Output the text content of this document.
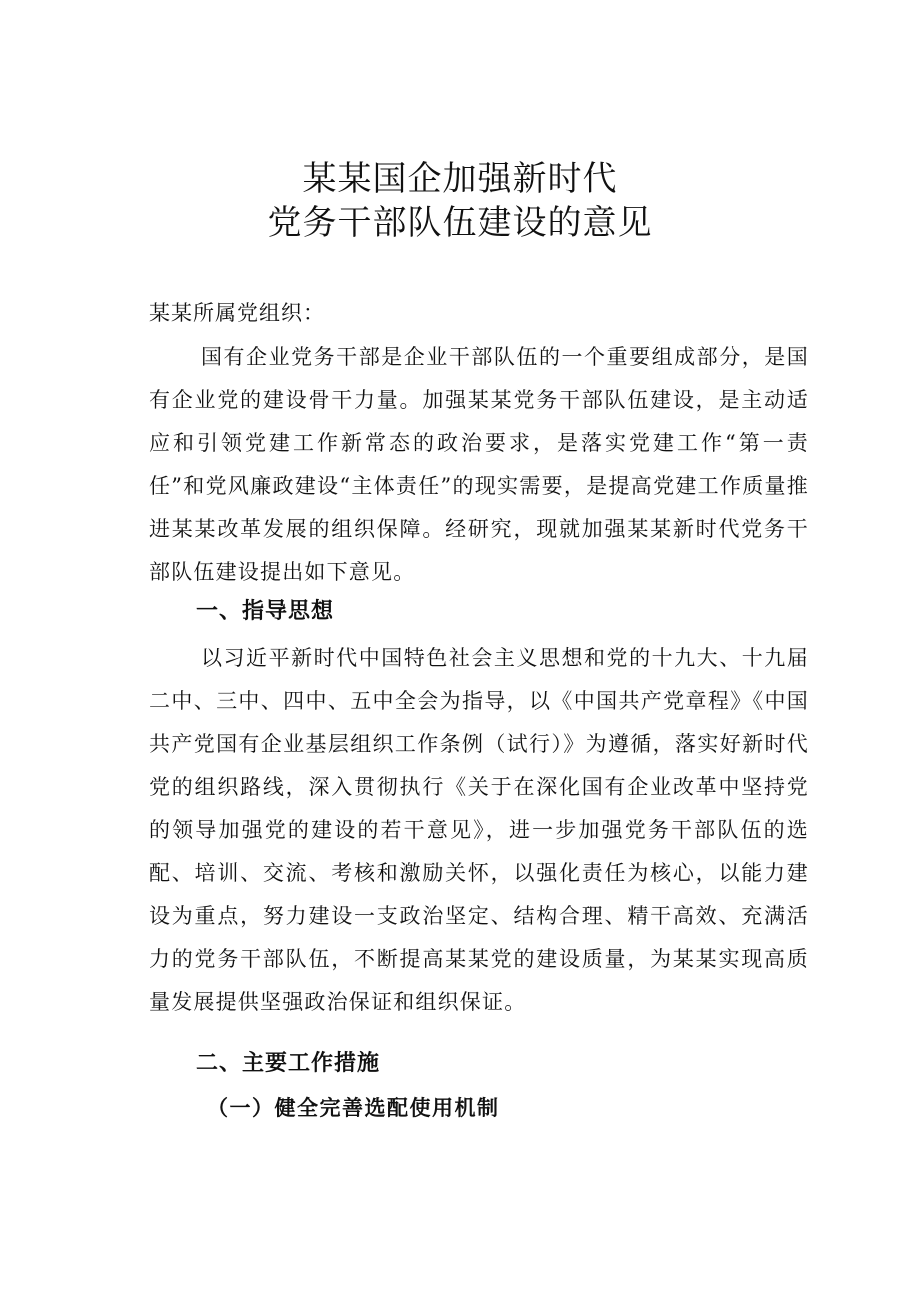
某某国企加强新时代
党务干部队伍建设的意见
某某所属党组织：
国有企业党务干部是企业干部队伍的一个重要组成部分，是国有企业党的建设骨干力量。加强某某党务干部队伍建设，是主动适应和引领党建工作新常态的政治要求，是落实党建工作“第一责任”和党风廉政建设“主体责任”的现实需要，是提高党建工作质量推进某某改革发展的组织保障。经研究，现就加强某某新时代党务干部队伍建设提出如下意见。
一、指导思想
以习近平新时代中国特色社会主义思想和党的十九大、十九届二中、三中、四中、五中全会为指导，以《中国共产党章程》《中国共产党国有企业基层组织工作条例（试行）》为遵循，落实好新时代党的组织路线，深入贯彻执行《关于在深化国有企业改革中坚持党的领导加强党的建设的若干意见》，进一步加强党务干部队伍的选配、培训、交流、考核和激励关怀，以强化责任为核心，以能力建设为重点，努力建设一支政治坚定、结构合理、精干高效、充满活力的党务干部队伍，不断提高某某党的建设质量，为某某实现高质量发展提供坚强政治保证和组织保证。
二、主要工作措施
（一）健全完善选配使用机制
